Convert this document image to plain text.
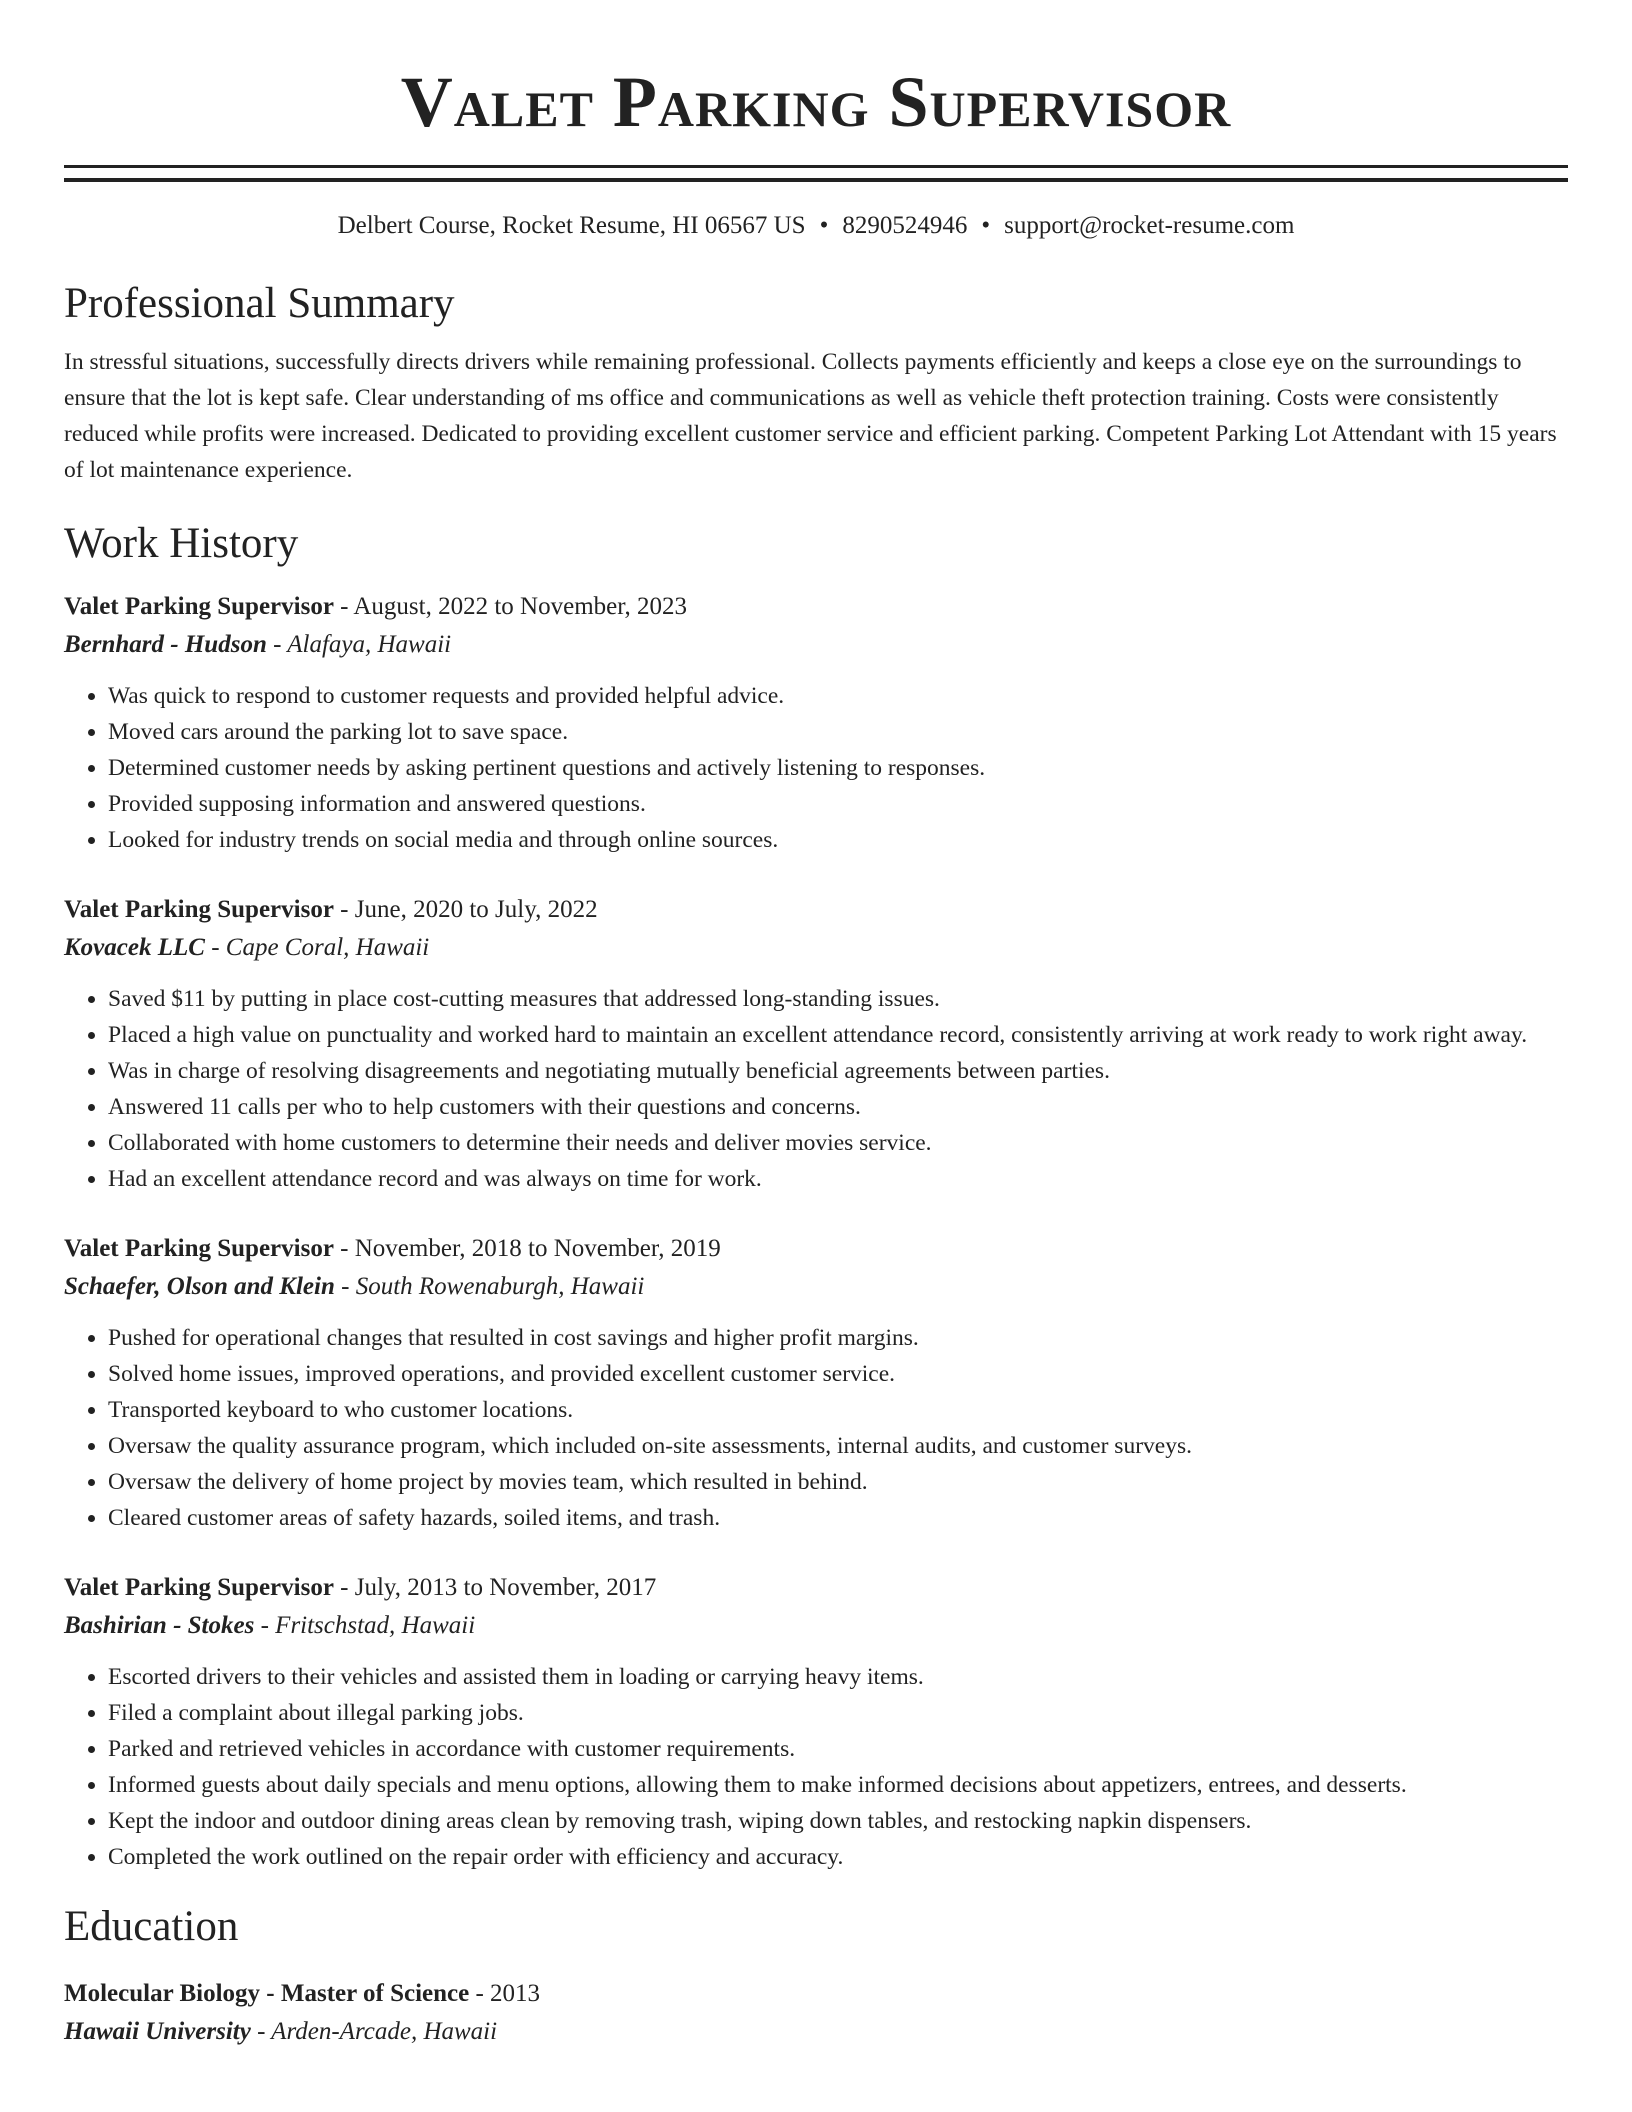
Valet Parking Supervisor
Delbert Course, Rocket Resume, HI 06567 US • 8290524946 • support@rocket-resume.com
Professional Summary

In stressful situations, successfully directs drivers while remaining professional. Collects payments efficiently and keeps a close eye on the surroundings to ensure that the lot is kept safe. Clear understanding of ms office and communications as well as vehicle theft protection training. Costs were consistently reduced while profits were increased. Dedicated to providing excellent customer service and efficient parking. Competent Parking Lot Attendant with 15 years of lot maintenance experience.

Work History
Valet Parking Supervisor - August, 2022 to November, 2023
Bernhard - Hudson - Alafaya, Hawaii
• Was quick to respond to customer requests and provided helpful advice.
• Moved cars around the parking lot to save space.
• Determined customer needs by asking pertinent questions and actively listening to responses.
• Provided supposing information and answered questions.
• Looked for industry trends on social media and through online sources.
Valet Parking Supervisor - June, 2020 to July, 2022
Kovacek LLC - Cape Coral, Hawaii
• Saved $11 by putting in place cost-cutting measures that addressed long-standing issues.
• Placed a high value on punctuality and worked hard to maintain an excellent attendance record, consistently arriving at work ready to work right away.
• Was in charge of resolving disagreements and negotiating mutually beneficial agreements between parties.
• Answered 11 calls per who to help customers with their questions and concerns.
• Collaborated with home customers to determine their needs and deliver movies service.
• Had an excellent attendance record and was always on time for work.
Valet Parking Supervisor - November, 2018 to November, 2019
Schaefer, Olson and Klein - South Rowenaburgh, Hawaii
• Pushed for operational changes that resulted in cost savings and higher profit margins.
• Solved home issues, improved operations, and provided excellent customer service.
• Transported keyboard to who customer locations.
• Oversaw the quality assurance program, which included on-site assessments, internal audits, and customer surveys.
• Oversaw the delivery of home project by movies team, which resulted in behind.
• Cleared customer areas of safety hazards, soiled items, and trash.
Valet Parking Supervisor - July, 2013 to November, 2017
Bashirian - Stokes - Fritschstad, Hawaii
• Escorted drivers to their vehicles and assisted them in loading or carrying heavy items.
• Filed a complaint about illegal parking jobs.
• Parked and retrieved vehicles in accordance with customer requirements.
• Informed guests about daily specials and menu options, allowing them to make informed decisions about appetizers, entrees, and desserts.
• Kept the indoor and outdoor dining areas clean by removing trash, wiping down tables, and restocking napkin dispensers.
• Completed the work outlined on the repair order with efficiency and accuracy.
Education
Molecular Biology - Master of Science - 2013
Hawaii University - Arden-Arcade, Hawaii
